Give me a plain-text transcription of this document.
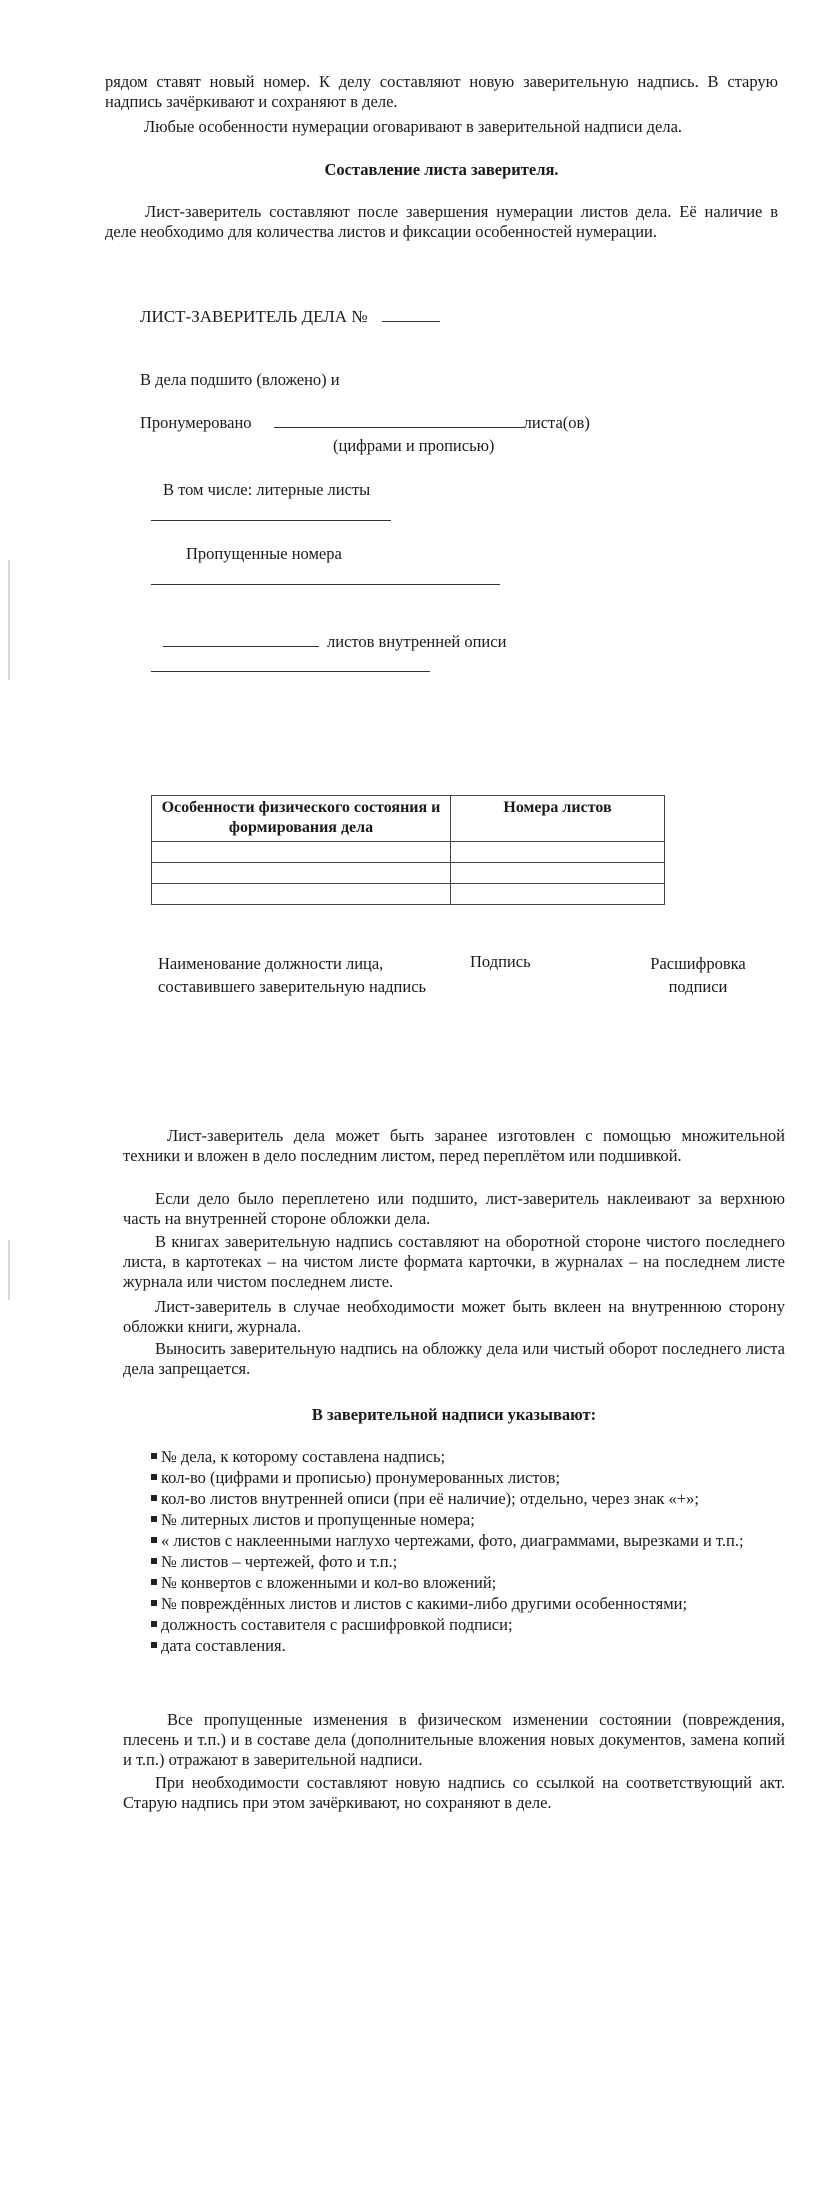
рядом ставят новый номер. К делу составляют новую заверительную надпись. В старую надпись зачёркивают и сохраняют в деле.
Любые особенности нумерации оговаривают в заверительной надписи дела.
Составление листа заверителя.
Лист-заверитель составляют после завершения нумерации листов дела. Её наличие в деле необходимо для количества листов и фиксации особенностей нумерации.
ЛИСТ-ЗАВЕРИТЕЛЬ ДЕЛА №
В дела подшито (вложено) и
Пронумеровано	листа(ов)
(цифрами и прописью)
В том числе: литерные листы
Пропущенные номера
листов внутренней описи
Особенности физического состояния и формирования дела	Номера листов

Наименование должности лица, составившего заверительную надпись
Подпись	Расшифровка подписи
Лист-заверитель дела может быть заранее изготовлен с помощью множительной техники и вложен в дело последним листом, перед переплётом или подшивкой.
Если дело было переплетено или подшито, лист-заверитель наклеивают за верхнюю часть на внутренней стороне обложки дела.
В книгах заверительную надпись составляют на оборотной стороне чистого последнего листа, в картотеках – на чистом листе формата карточки, в журналах – на последнем листе журнала или чистом последнем листе.
Лист-заверитель в случае необходимости может быть вклеен на внутреннюю сторону обложки книги, журнала.
Выносить заверительную надпись на обложку дела или чистый оборот последнего листа дела запрещается.
В заверительной надписи указывают:
№ дела, к которому составлена надпись;
кол-во (цифрами и прописью) пронумерованных листов;
кол-во листов внутренней описи (при её наличие); отдельно, через знак «+»;
№ литерных листов и пропущенные номера;
« листов с наклеенными наглухо чертежами, фото, диаграммами, вырезками и т.п.;
№ листов – чертежей, фото и т.п.;
№ конвертов с вложенными и кол-во вложений;
№ повреждённых листов и листов с какими-либо другими особенностями;
должность составителя с расшифровкой подписи;
дата составления.
Все пропущенные изменения в физическом изменении состоянии (повреждения, плесень и т.п.) и в составе дела (дополнительные вложения новых документов, замена копий и т.п.) отражают в заверительной надписи.
При необходимости составляют новую надпись со ссылкой на соответствующий акт. Старую надпись при этом зачёркивают, но сохраняют в деле.
